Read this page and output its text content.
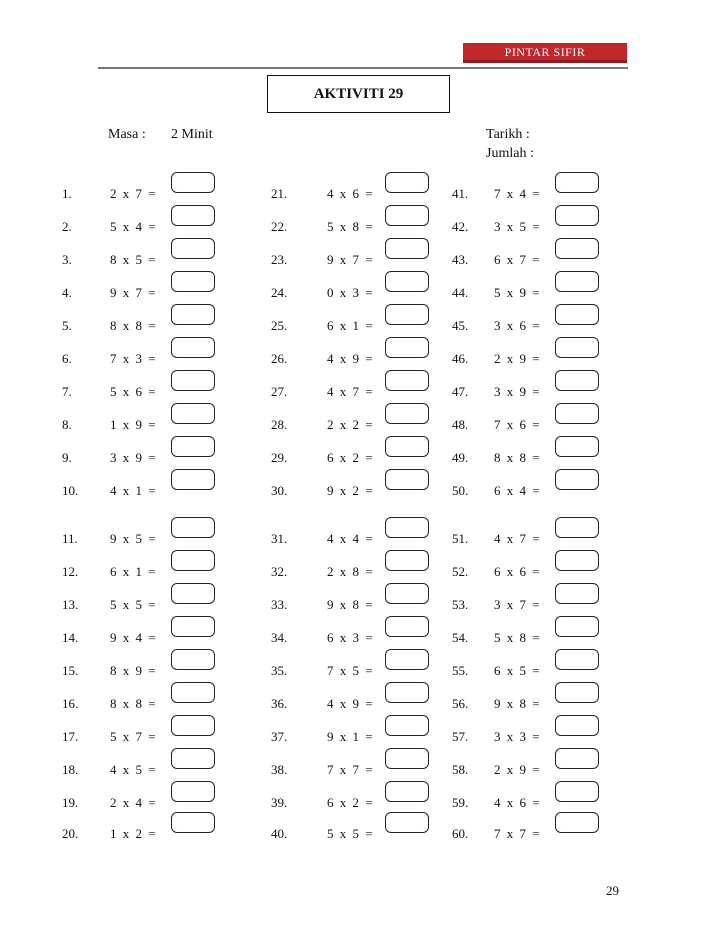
PINTAR SIFIR
AKTIVITI 29
Masa : 2 Minit	Tarikh :
Jumlah :
1.	2 x 7 =
2.	5 x 4 =
3.	8 x 5 =
4.	9 x 7 =
5.	8 x 8 =
6.	7 x 3 =
7.	5 x 6 =
8.	1 x 9 =
9.	3 x 9 =
10. 4 x 1 =
11. 9 x 5 =
12. 6 x 1 =
13. 5 x 5 =
14. 9 x 4 =
15. 8 x 9 =
16. 8 x 8 =
17. 5 x 7 =
18. 4 x 5 =
19. 2 x 4 =
20. 1 x 2 =
21.	4 x 6 =
22.	5 x 8 =
23.	9 x 7 =
24.	0 x 3 =
25.	6 x 1 =
26.	4 x 9 =
27.	4 x 7 =
28.	2 x 2 =
29.	6 x 2 =
30.	9 x 2 =
31.	4 x 4 =
32.	2 x 8 =
33.	9 x 8 =
34.	6 x 3 =
35.	7 x 5 =
36.	4 x 9 =
37.	9 x 1 =
38.	7 x 7 =
39.	6 x 2 =
40.	5 x 5 =
41. 7 x 4 =
42. 3 x 5 =
43. 6 x 7 =
44. 5 x 9 =
45. 3 x 6 =
46. 2 x 9 =
47. 3 x 9 =
48. 7 x 6 =
49. 8 x 8 =
50. 6 x 4 =
51. 4 x 7 =
52. 6 x 6 =
53. 3 x 7 =
54. 5 x 8 =
55. 6 x 5 =
56. 9 x 8 =
57. 3 x 3 =
58. 2 x 9 =
59. 4 x 6 =
60. 7 x 7 =
29
